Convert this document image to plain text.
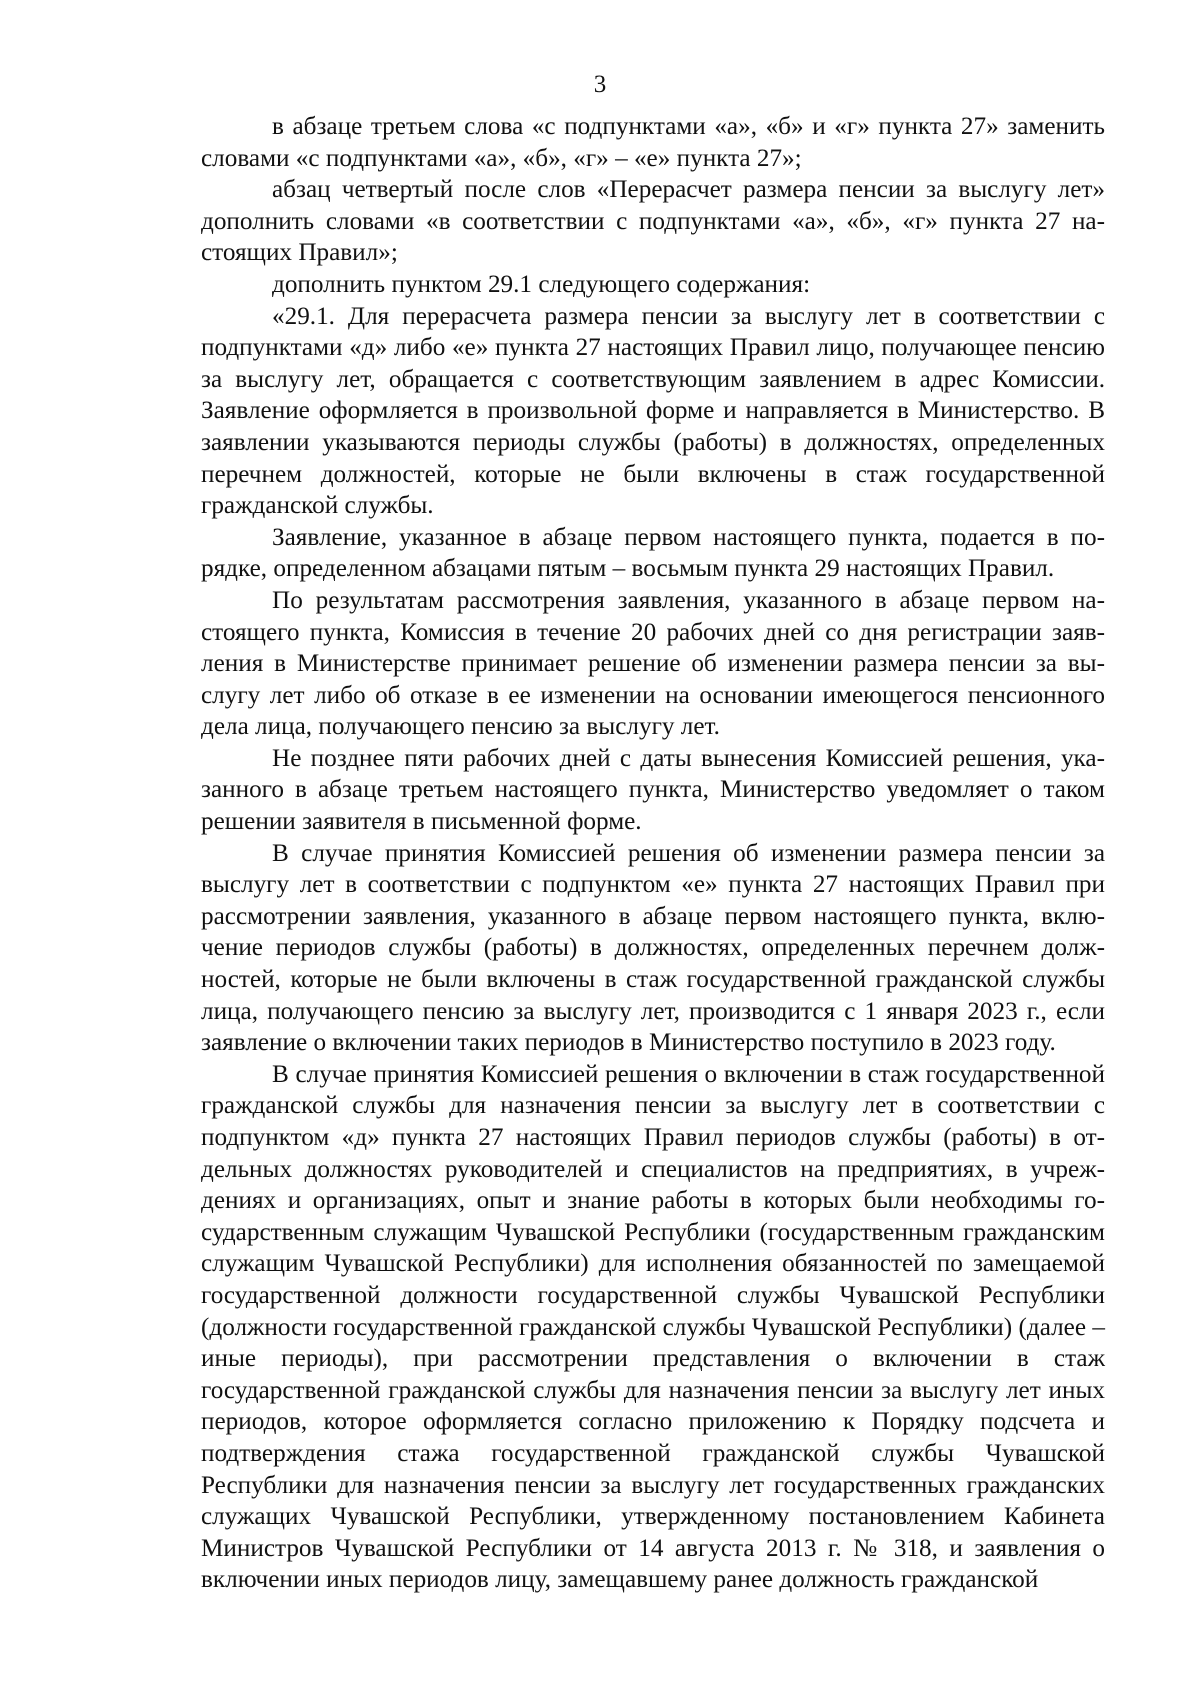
3

в абзаце третьем слова «с подпунктами «а», «б» и «г» пункта 27» заменить словами «с подпунктами «а», «б», «г» – «е» пункта 27»;

абзац четвертый после слов «Перерасчет размера пенсии за выслугу лет» дополнить словами «в соответствии с подпунктами «а», «б», «г» пункта 27 настоящих Правил»;

дополнить пунктом 29.1 следующего содержания:

«29.1. Для перерасчета размера пенсии за выслугу лет в соответствии с подпунктами «д» либо «е» пункта 27 настоящих Правил лицо, получающее пенсию за выслугу лет, обращается с соответствующим заявлением в адрес Комиссии. Заявление оформляется в произвольной форме и направляется в Министерство. В заявлении указываются периоды службы (работы) в должностях, определенных перечнем должностей, которые не были включены в стаж государственной гражданской службы.

Заявление, указанное в абзаце первом настоящего пункта, подается в порядке, определенном абзацами пятым – восьмым пункта 29 настоящих Правил.

По результатам рассмотрения заявления, указанного в абзаце первом настоящего пункта, Комиссия в течение 20 рабочих дней со дня регистрации заявления в Министерстве принимает решение об изменении размера пенсии за выслугу лет либо об отказе в ее изменении на основании имеющегося пенсионного дела лица, получающего пенсию за выслугу лет.

Не позднее пяти рабочих дней с даты вынесения Комиссией решения, указанного в абзаце третьем настоящего пункта, Министерство уведомляет о таком решении заявителя в письменной форме.

В случае принятия Комиссией решения об изменении размера пенсии за выслугу лет в соответствии с подпунктом «е» пункта 27 настоящих Правил при рассмотрении заявления, указанного в абзаце первом настоящего пункта, включение периодов службы (работы) в должностях, определенных перечнем должностей, которые не были включены в стаж государственной гражданской службы лица, получающего пенсию за выслугу лет, производится с 1 января 2023 г., если заявление о включении таких периодов в Министерство поступило в 2023 году.

В случае принятия Комиссией решения о включении в стаж государственной гражданской службы для назначения пенсии за выслугу лет в соответствии с подпунктом «д» пункта 27 настоящих Правил периодов службы (работы) в отдельных должностях руководителей и специалистов на предприятиях, в учреждениях и организациях, опыт и знание работы в которых были необходимы государственным служащим Чувашской Республики (государственным гражданским служащим Чувашской Республики) для исполнения обязанностей по замещаемой государственной должности государственной службы Чувашской Республики (должности государственной гражданской службы Чувашской Республики) (далее – иные периоды), при рассмотрении представления о включении в стаж государственной гражданской службы для назначения пенсии за выслугу лет иных периодов, которое оформляется согласно приложению к Порядку подсчета и подтверждения стажа государственной гражданской службы Чувашской Республики для назначения пенсии за выслугу лет государственных гражданских служащих Чувашской Республики, утвержденному постановлением Кабинета Министров Чувашской Республики от 14 августа 2013 г. № 318, и заявления о включении иных периодов лицу, замещавшему ранее должность гражданской
